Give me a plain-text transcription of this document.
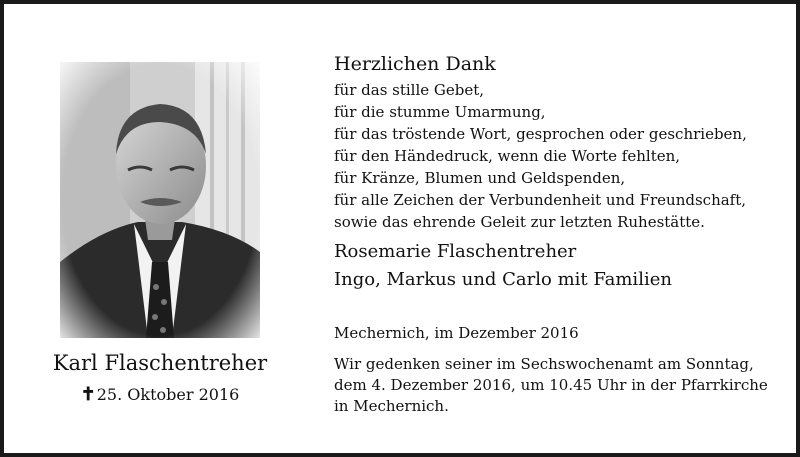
Karl Flaschentreher
✝25. Oktober 2016
Herzlichen Dank
für das stille Gebet,
für die stumme Umarmung,
für das tröstende Wort, gesprochen oder geschrieben,
für den Händedruck, wenn die Worte fehlten,
für Kränze, Blumen und Geldspenden,
für alle Zeichen der Verbundenheit und Freundschaft,
sowie das ehrende Geleit zur letzten Ruhestätte.
Rosemarie Flaschentreher
Ingo, Markus und Carlo mit Familien
Mechernich, im Dezember 2016
Wir gedenken seiner im Sechswochenamt am Sonntag,
dem 4. Dezember 2016, um 10.45 Uhr in der Pfarrkirche
in Mechernich.
